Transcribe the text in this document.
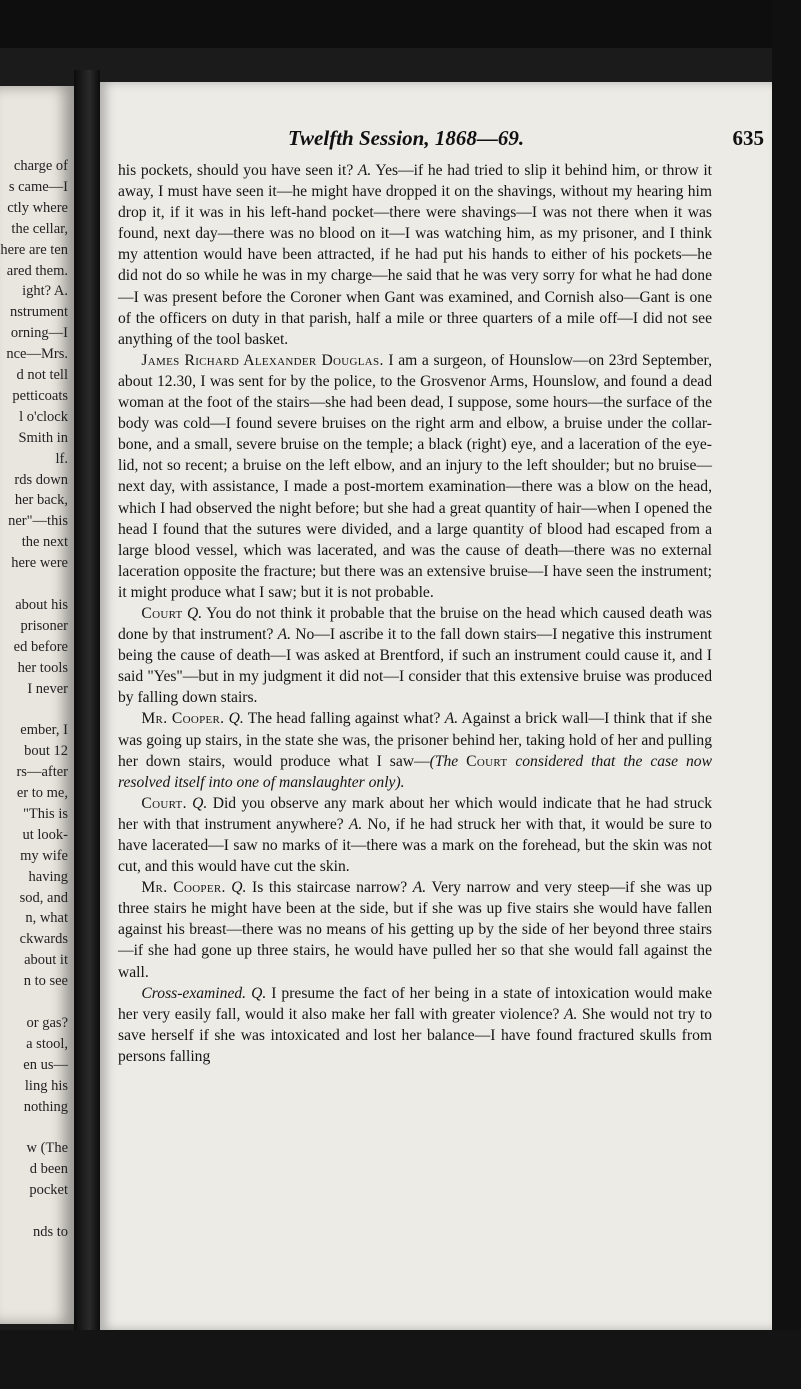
charge of
s came—I
ctly where
the cellar,
here are ten
ared them.
ight? A.
nstrument
orning—I
nce—Mrs.
d not tell
petticoats
l o'clock
Smith in
lf.
rds down
her back,
ner"—this
the next
here were
about his
prisoner
ed before
her tools
I never
ember, I
bout 12
rs—after
er to me,
"This is
ut look-
my wife
having
sod, and
n, what
ckwards
about it
n to see
or gas?
a stool,
en us—
ling his
nothing
w (The
d been
pocket
nds to
Twelfth Session, 1868—69.	635

his pockets, should you have seen it? A. Yes—if he had tried to slip it behind him, or throw it away, I must have seen it—he might have dropped it on the shavings, without my hearing him drop it, if it was in his left-hand pocket—there were shavings—I was not there when it was found, next day—there was no blood on it—I was watching him, as my prisoner, and I think my attention would have been attracted, if he had put his hands to either of his pockets—he did not do so while he was in my charge—he said that he was very sorry for what he had done—I was present before the Coroner when Gant was examined, and Cornish also—Gant is one of the officers on duty in that parish, half a mile or three quarters of a mile off—I did not see anything of the tool basket.

James Richard Alexander Douglas. I am a surgeon, of Hounslow—on 23rd September, about 12.30, I was sent for by the police, to the Grosvenor Arms, Hounslow, and found a dead woman at the foot of the stairs—she had been dead, I suppose, some hours—the surface of the body was cold—I found severe bruises on the right arm and elbow, a bruise under the collar-bone, and a small, severe bruise on the temple; a black (right) eye, and a laceration of the eye-lid, not so recent; a bruise on the left elbow, and an injury to the left shoulder; but no bruise—next day, with assistance, I made a post-mortem examination—there was a blow on the head, which I had observed the night before; but she had a great quantity of hair—when I opened the head I found that the sutures were divided, and a large quantity of blood had escaped from a large blood vessel, which was lacerated, and was the cause of death—there was no external laceration opposite the fracture; but there was an extensive bruise—I have seen the instrument; it might produce what I saw; but it is not probable.

Court Q. You do not think it probable that the bruise on the head which caused death was done by that instrument? A. No—I ascribe it to the fall down stairs—I negative this instrument being the cause of death—I was asked at Brentford, if such an instrument could cause it, and I said "Yes"—but in my judgment it did not—I consider that this extensive bruise was produced by falling down stairs.

Mr. Cooper. Q. The head falling against what? A. Against a brick wall—I think that if she was going up stairs, in the state she was, the prisoner behind her, taking hold of her and pulling her down stairs, would produce what I saw—(The Court considered that the case now resolved itself into one of manslaughter only).

Court. Q. Did you observe any mark about her which would indicate that he had struck her with that instrument anywhere? A. No, if he had struck her with that, it would be sure to have lacerated—I saw no marks of it—there was a mark on the forehead, but the skin was not cut, and this would have cut the skin.

Mr. Cooper. Q. Is this staircase narrow? A. Very narrow and very steep—if she was up three stairs he might have been at the side, but if she was up five stairs she would have fallen against his breast—there was no means of his getting up by the side of her beyond three stairs—if she had gone up three stairs, he would have pulled her so that she would fall against the wall.

Cross-examined. Q. I presume the fact of her being in a state of intoxication would make her very easily fall, would it also make her fall with greater violence? A. She would not try to save herself if she was intoxicated and lost her balance—I have found fractured skulls from persons falling
